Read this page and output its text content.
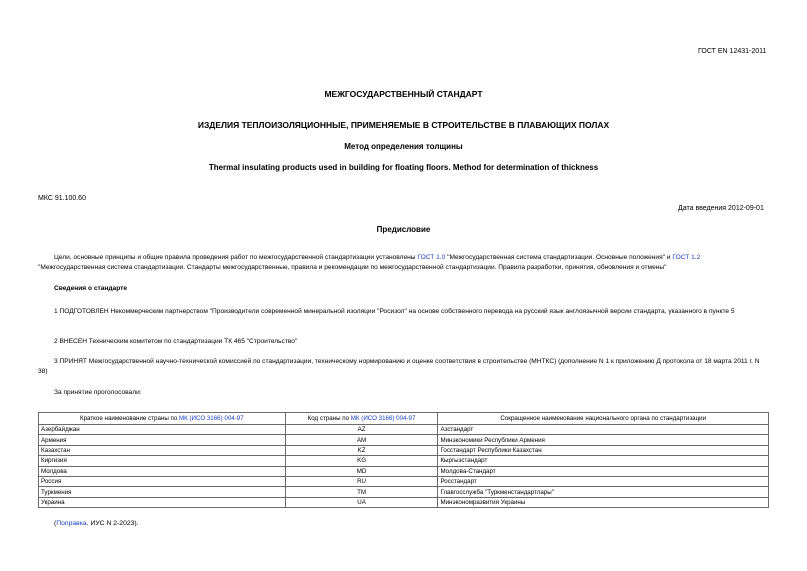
ГОСТ EN 12431-2011
МЕЖГОСУДАРСТВЕННЫЙ СТАНДАРТ
ИЗДЕЛИЯ ТЕПЛОИЗОЛЯЦИОННЫЕ, ПРИМЕНЯЕМЫЕ В СТРОИТЕЛЬСТВЕ В ПЛАВАЮЩИХ ПОЛАХ
Метод определения толщины
Thermal insulating products used in building for floating floors. Method for determination of thickness
МКС 91.100.60
Дата введения 2012-09-01
Предисловие
Цели, основные принципы и общие правила проведения работ по межгосударственной стандартизации установлены ГОСТ 1.0 "Межгосударственная система стандартизации. Основные положения" и ГОСТ 1.2 "Межгосударственная система стандартизации. Стандарты межгосударственные, правила и рекомендации по межгосударственной стандартизации. Правила разработки, принятия, обновления и отмены"
Сведения о стандарте
1 ПОДГОТОВЛЕН Некоммерческим партнерством "Производители современной минеральной изоляции "Росизол" на основе собственного перевода на русский язык англоязычной версии стандарта, указанного в пункте 5
2 ВНЕСЕН Техническим комитетом по стандартизации ТК 465 "Строительство"
3 ПРИНЯТ Межгосударственной научно-технической комиссией по стандартизации, техническому нормированию и оценке соответствия в строительстве (МНТКС) (дополнение N 1 к приложению Д протокола от 18 марта 2011 г. N 38)
За принятие проголосовали:
Краткое наименование страны по МК (ИСО 3166) 004-97	Код страны по МК (ИСО 3166) 004-97	Сокращенное наименование национального органа по стандартизации
Азербайджан	AZ	Азстандарт
Армения	AM	Минэкономики Республики Армения
Казахстан	KZ	Госстандарт Республики Казахстан
Киргизия	KG	Кыргызстандарт
Молдова	MD	Молдова-Стандарт
Россия	RU	Росстандарт
Туркмения	TM	Главгосслужба "Туркменстандартлары"
Украина	UA	Минэкономразвития Украины
(Поправка. ИУС N 2-2023).
